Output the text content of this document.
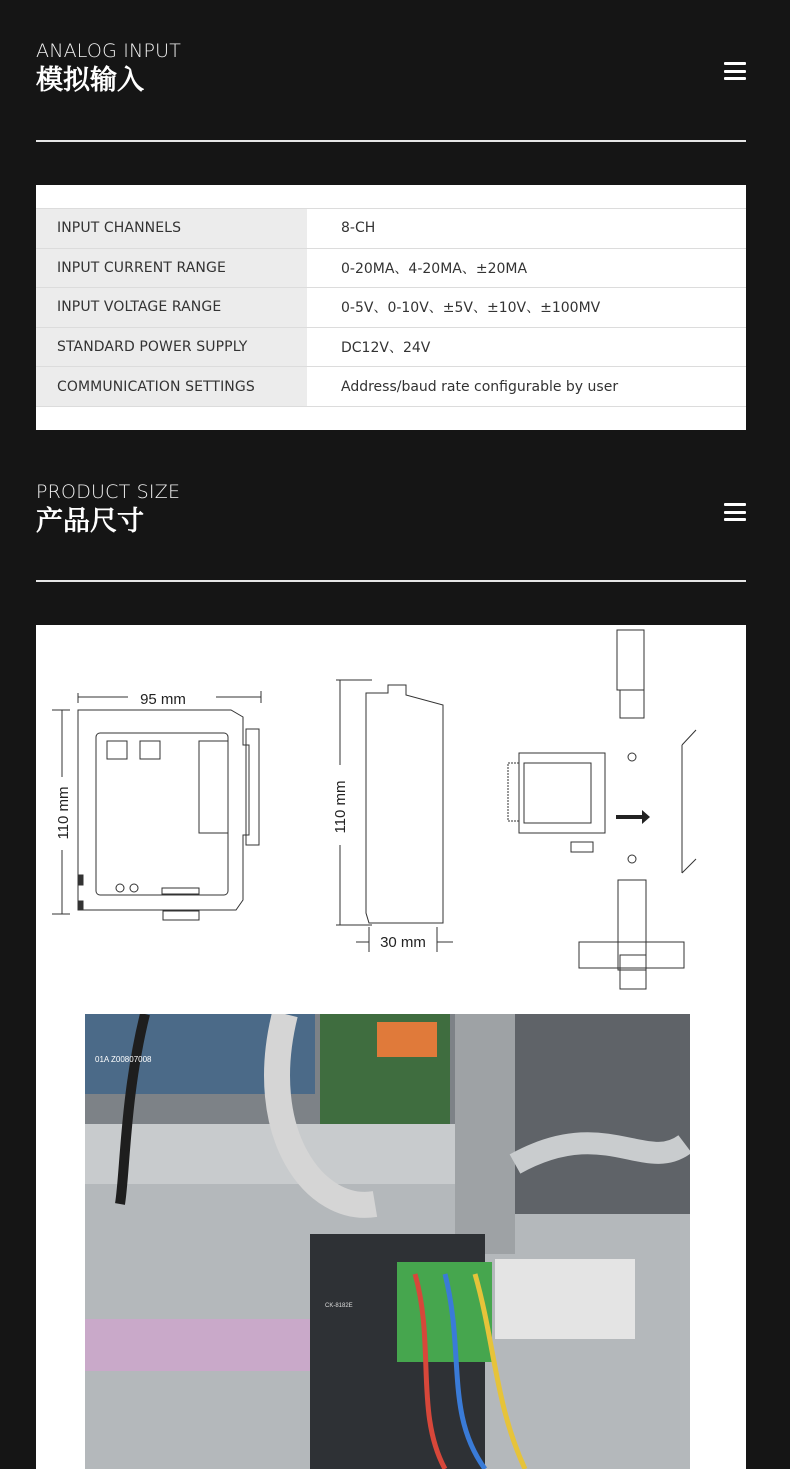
ANALOG INPUT
模拟输入
INPUT CHANNELS	8-CH
INPUT CURRENT RANGE	0-20MA、4-20MA、±20MA
INPUT VOLTAGE RANGE	0-5V、0-10V、±5V、±10V、±100MV
STANDARD POWER SUPPLY	DC12V、24V
COMMUNICATION SETTINGS	Address/baud rate configurable by user
PRODUCT SIZE
产品尺寸
95 mm
110 mm	110 mm
30 mm
01A Z00807008
CK-8182E
